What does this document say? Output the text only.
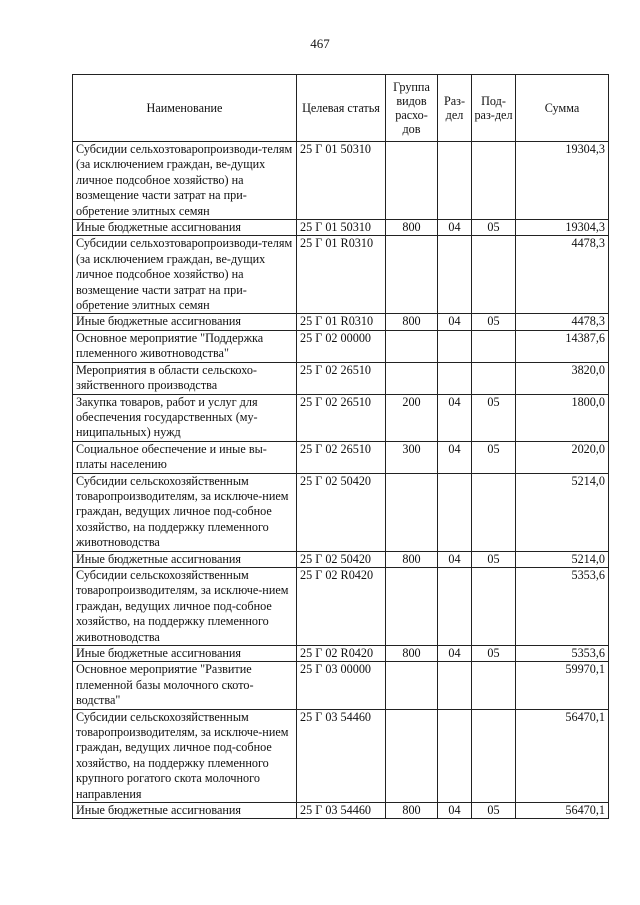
467
Наименование	Целевая статья	Группа видов расхо-дов	Раз-дел	Под-раз-дел	Сумма
Субсидии сельхозтоваропроизводи-телям (за исключением граждан, ве-дущих личное подсобное хозяйство) на возмещение части затрат на при-обретение элитных семян	25 Г 01 50310				19304,3
Иные бюджетные ассигнования	25 Г 01 50310	800	04	05	19304,3
Субсидии сельхозтоваропроизводи-телям (за исключением граждан, ве-дущих личное подсобное хозяйство) на возмещение части затрат на при-обретение элитных семян	25 Г 01 R0310				4478,3
Иные бюджетные ассигнования	25 Г 01 R0310	800	04	05	4478,3
Основное мероприятие "Поддержка племенного животноводства"	25 Г 02 00000				14387,6
Мероприятия в области сельскохо-зяйственного производства	25 Г 02 26510				3820,0
Закупка товаров, работ и услуг для обеспечения государственных (му-ниципальных) нужд	25 Г 02 26510	200	04	05	1800,0
Социальное обеспечение и иные вы-платы населению	25 Г 02 26510	300	04	05	2020,0
Субсидии сельскохозяйственным товаропроизводителям, за исключе-нием граждан, ведущих личное под-собное хозяйство, на поддержку племенного животноводства	25 Г 02 50420				5214,0
Иные бюджетные ассигнования	25 Г 02 50420	800	04	05	5214,0
Субсидии сельскохозяйственным товаропроизводителям, за исключе-нием граждан, ведущих личное под-собное хозяйство, на поддержку племенного животноводства	25 Г 02 R0420				5353,6
Иные бюджетные ассигнования	25 Г 02 R0420	800	04	05	5353,6
Основное мероприятие "Развитие племенной базы молочного ското-водства"	25 Г 03 00000				59970,1
Субсидии сельскохозяйственным товаропроизводителям, за исключе-нием граждан, ведущих личное под-собное хозяйство, на поддержку племенного крупного рогатого скота молочного направления	25 Г 03 54460				56470,1
Иные бюджетные ассигнования	25 Г 03 54460	800	04	05	56470,1
